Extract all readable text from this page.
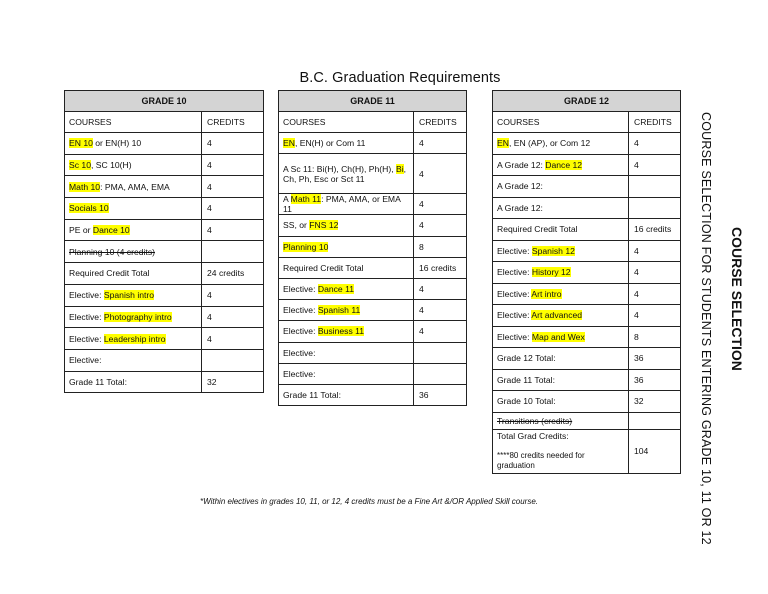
B.C. Graduation Requirements
GRADE 10	
COURSES	CREDITS
EN 10 or EN(H) 10	4
Sc 10, SC 10(H)	4
Math 10: PMA, AMA, EMA	4
Socials 10	4
PE or Dance 10	4
Planning 10 (4 credits)	
Required Credit Total	24 credits
Elective: Spanish intro	4
Elective: Photography intro	4
Elective: Leadership intro	4
Elective:	
Grade 11 Total:	32
GRADE 11	
COURSES	CREDITS
EN, EN(H) or Com 11	4
A Sc 11: Bi(H), Ch(H), Ph(H), Bi, Ch, Ph, Esc or Sct 11	4
A Math 11: PMA, AMA, or EMA 11	4
SS, or FNS 12	4
Planning 10	8
Required Credit Total	16 credits
Elective: Dance 11	4
Elective: Spanish 11	4
Elective: Business 11	4
Elective:	
Elective:	
Grade 11 Total:	36
GRADE 12	
COURSES	CREDITS
EN, EN (AP), or Com 12	4
A Grade 12: Dance 12	4
A Grade 12:	
A Grade 12:	
Required Credit Total	16 credits
Elective: Spanish 12	4
Elective: History 12	4
Elective: Art intro	4
Elective: Art advanced	4
Elective: Map and Wex	8
Grade 12 Total:	36
Grade 11 Total:	36
Grade 10 Total:	32
Transitions (credits)	
Total Grad Credits:

****80 credits needed for graduation	104
COURSE SELECTION
COURSE SELECTION FOR STUDENTS ENTERING GRADE 10, 11 OR 12
*Within electives in grades 10, 11, or 12, 4 credits must be a Fine Art &/OR Applied Skill course.
